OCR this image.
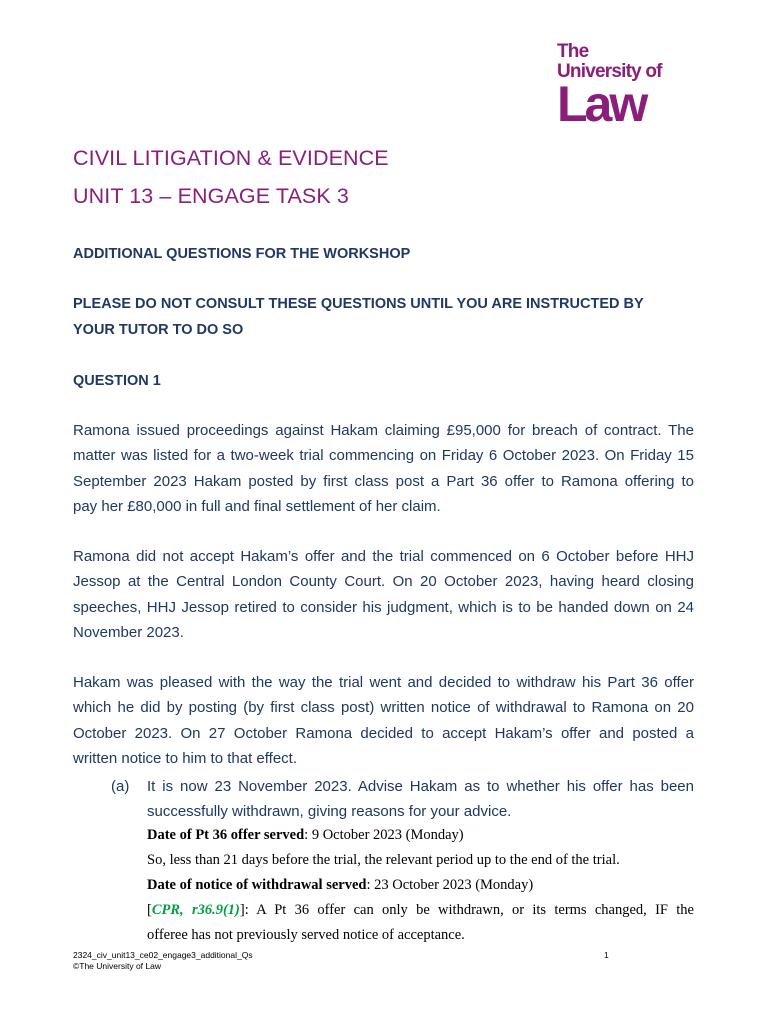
The
University of
Law
CIVIL LITIGATION & EVIDENCE
UNIT 13 – ENGAGE TASK 3
ADDITIONAL QUESTIONS FOR THE WORKSHOP
PLEASE DO NOT CONSULT THESE QUESTIONS UNTIL YOU ARE INSTRUCTED BY
YOUR TUTOR TO DO SO
QUESTION 1
Ramona issued proceedings against Hakam claiming £95,000 for breach of contract. The
matter was listed for a two-week trial commencing on Friday 6 October 2023. On Friday 15
September 2023 Hakam posted by first class post a Part 36 offer to Ramona offering to
pay her £80,000 in full and final settlement of her claim.
Ramona did not accept Hakam’s offer and the trial commenced on 6 October before HHJ
Jessop at the Central London County Court. On 20 October 2023, having heard closing
speeches, HHJ Jessop retired to consider his judgment, which is to be handed down on 24
November 2023.
Hakam was pleased with the way the trial went and decided to withdraw his Part 36 offer
which he did by posting (by first class post) written notice of withdrawal to Ramona on 20
October 2023. On 27 October Ramona decided to accept Hakam’s offer and posted a
written notice to him to that effect.
(a) It is now 23 November 2023. Advise Hakam as to whether his offer has been
successfully withdrawn, giving reasons for your advice.
Date of Pt 36 offer served: 9 October 2023 (Monday)
So, less than 21 days before the trial, the relevant period up to the end of the trial.
Date of notice of withdrawal served: 23 October 2023 (Monday)
[CPR, r36.9(1)]: A Pt 36 offer can only be withdrawn, or its terms changed, IF the
offeree has not previously served notice of acceptance.
2324_civ_unit13_ce02_engage3_additional_Qs
©The University of Law
1
